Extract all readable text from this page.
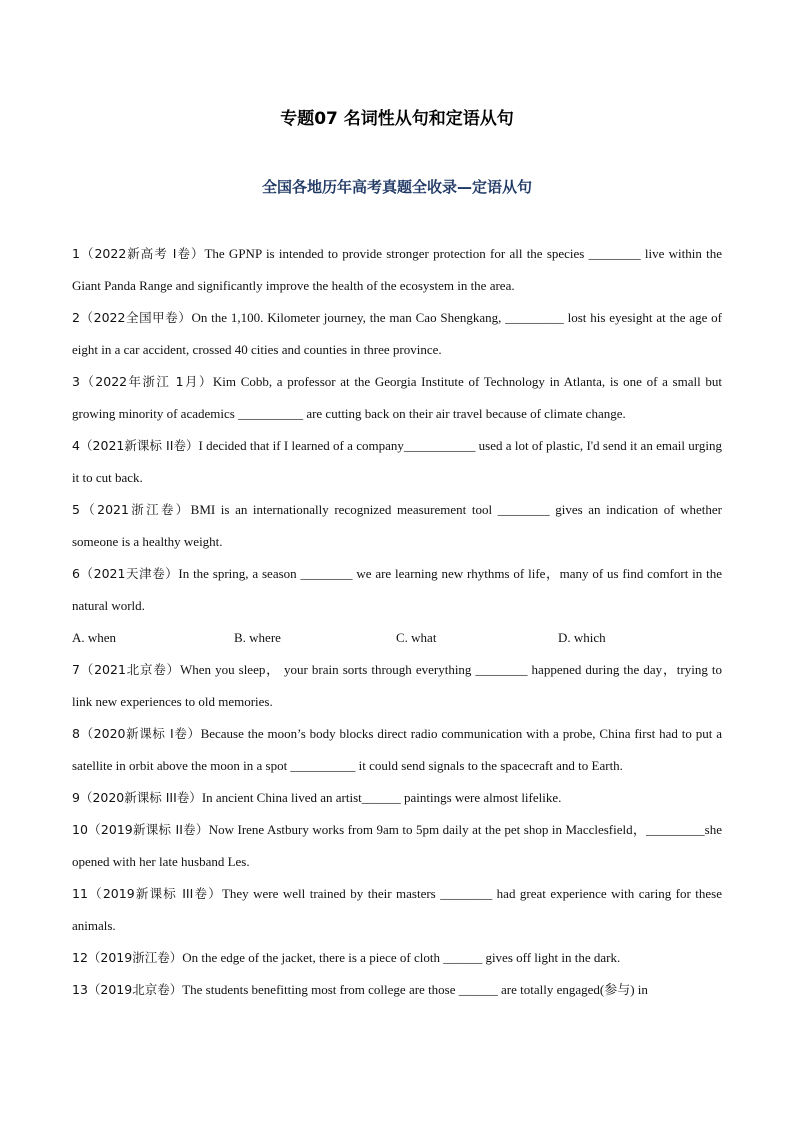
专题07 名词性从句和定语从句
全国各地历年高考真题全收录—定语从句
1（2022新高考 I卷）The GPNP is intended to provide stronger protection for all the species ________ live within the Giant Panda Range and significantly improve the health of the ecosystem in the area.
2（2022全国甲卷）On the 1,100. Kilometer journey, the man Cao Shengkang, _________ lost his eyesight at the age of eight in a car accident, crossed 40 cities and counties in three province.
3（2022年浙江 1月）Kim Cobb, a professor at the Georgia Institute of Technology in Atlanta, is one of a small but growing minority of academics __________ are cutting back on their air travel because of climate change.
4（2021新课标 II卷）I decided that if I learned of a company___________ used a lot of plastic, I'd send it an email urging it to cut back.
5（2021浙江卷）BMI is an internationally recognized measurement tool ________ gives an indication of whether someone is a healthy weight.
6（2021天津卷）In the spring, a season ________ we are learning new rhythms of life，many of us find comfort in the natural world.
A. when	B. where	C. what	D. which
7（2021北京卷）When you sleep， your brain sorts through everything ________ happened during the day，trying to link new experiences to old memories.
8（2020新课标 I卷）Because the moon’s body blocks direct radio communication with a probe, China first had to put a satellite in orbit above the moon in a spot __________ it could send signals to the spacecraft and to Earth.
9（2020新课标 III卷）In ancient China lived an artist______ paintings were almost lifelike.
10（2019新课标 II卷）Now Irene Astbury works from 9am to 5pm daily at the pet shop in Macclesfield，_________she opened with her late husband Les.
11（2019新课标 III卷）They were well trained by their masters ________ had great experience with caring for these animals.
12（2019浙江卷）On the edge of the jacket, there is a piece of cloth ______ gives off light in the dark.
13（2019北京卷）The students benefitting most from college are those ______ are totally engaged(参与) in
